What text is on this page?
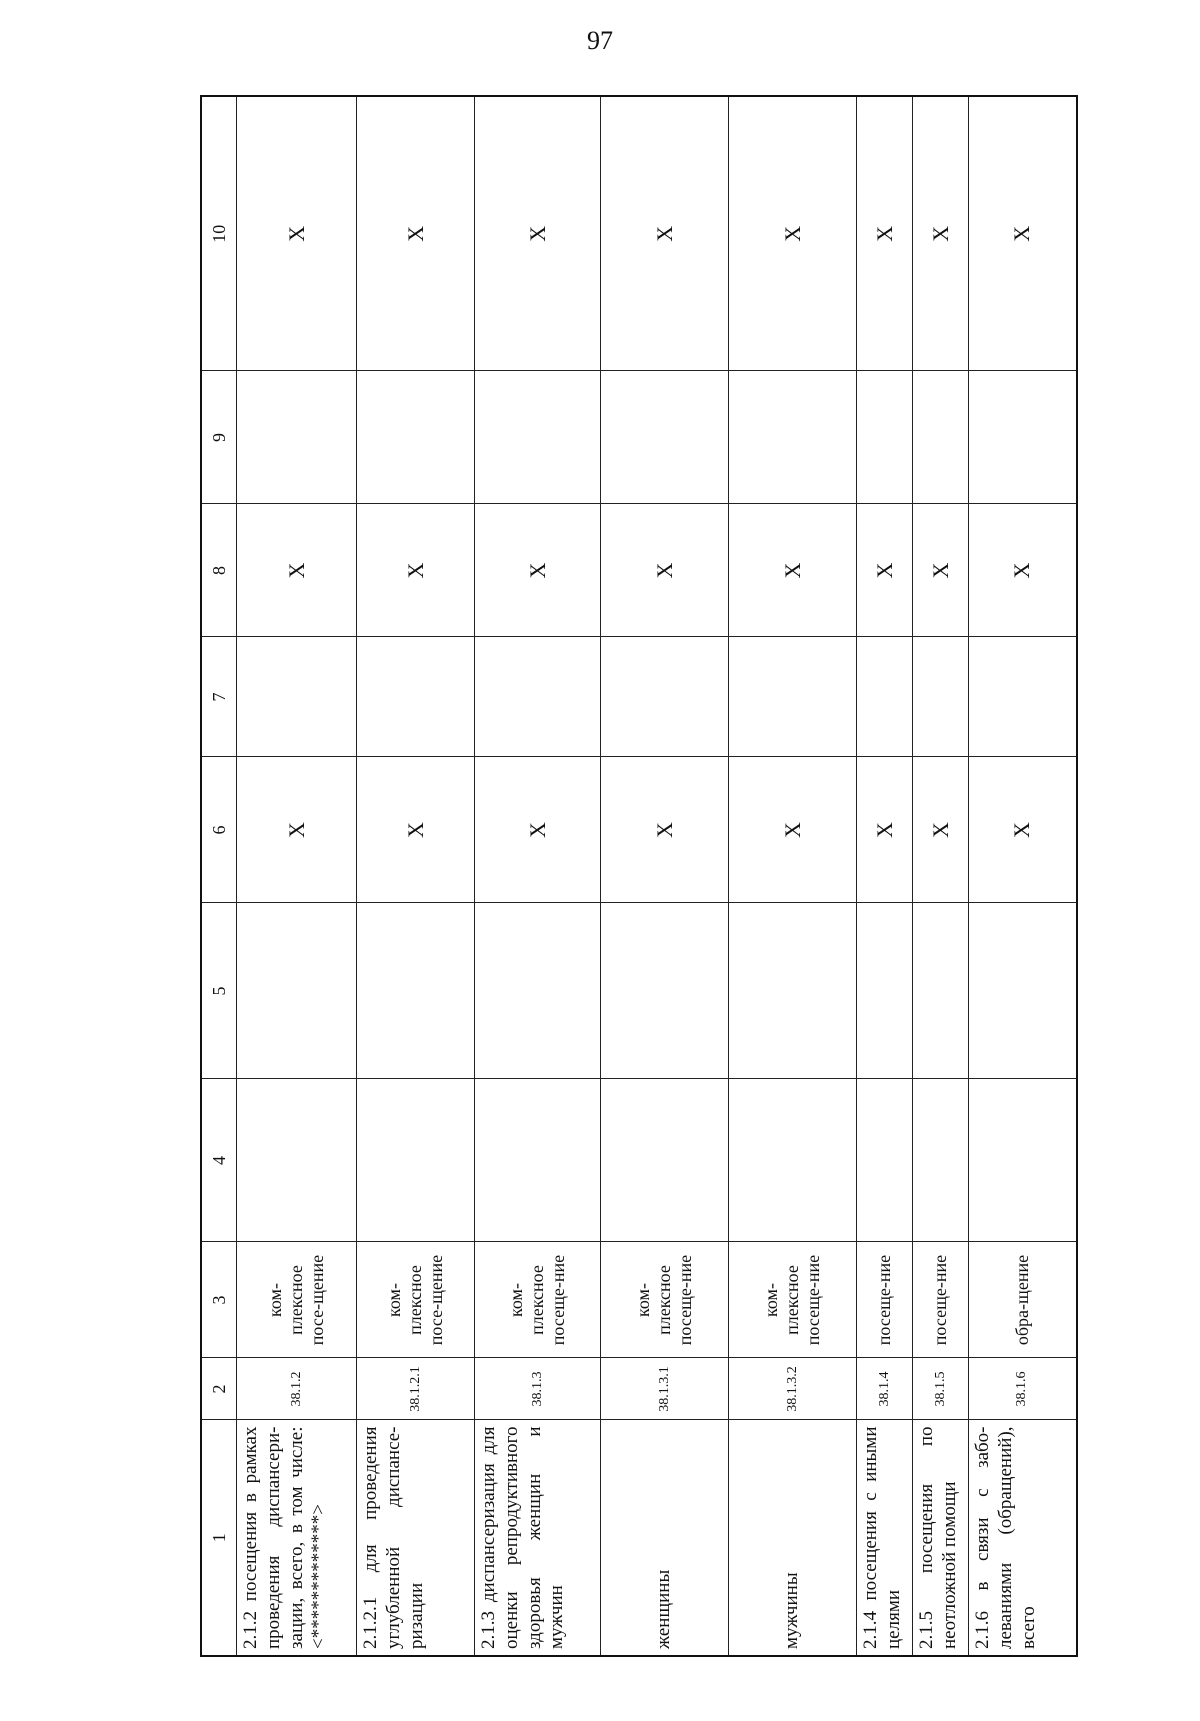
97
1	2	3	4	5	6	7	8	9	10
2.1.2 посещения в рамках проведения диспансери-зации, всего, в том числе: <*************>	38.1.2	ком-плексное посе-щение			X		X		X
2.1.2.1 для проведения углубленной диспансе-ризации	38.1.2.1	ком-плексное посе-щение			X		X		X
2.1.3 диспансеризация для оценки репродуктивного здоровья женщин и мужчин	38.1.3	ком-плексное посеще-ние			X		X		X
женщины	38.1.3.1	ком-плексное посеще-ние			X		X		X
мужчины	38.1.3.2	ком-плексное посеще-ние			X		X		X
2.1.4 посещения с иными целями	38.1.4	посеще-ние			X		X		X
2.1.5 посещения по неотложной помощи	38.1.5	посеще-ние			X		X		X
2.1.6 в связи с забо-леваниями (обращений), всего	38.1.6	обра-щение			X		X		X
